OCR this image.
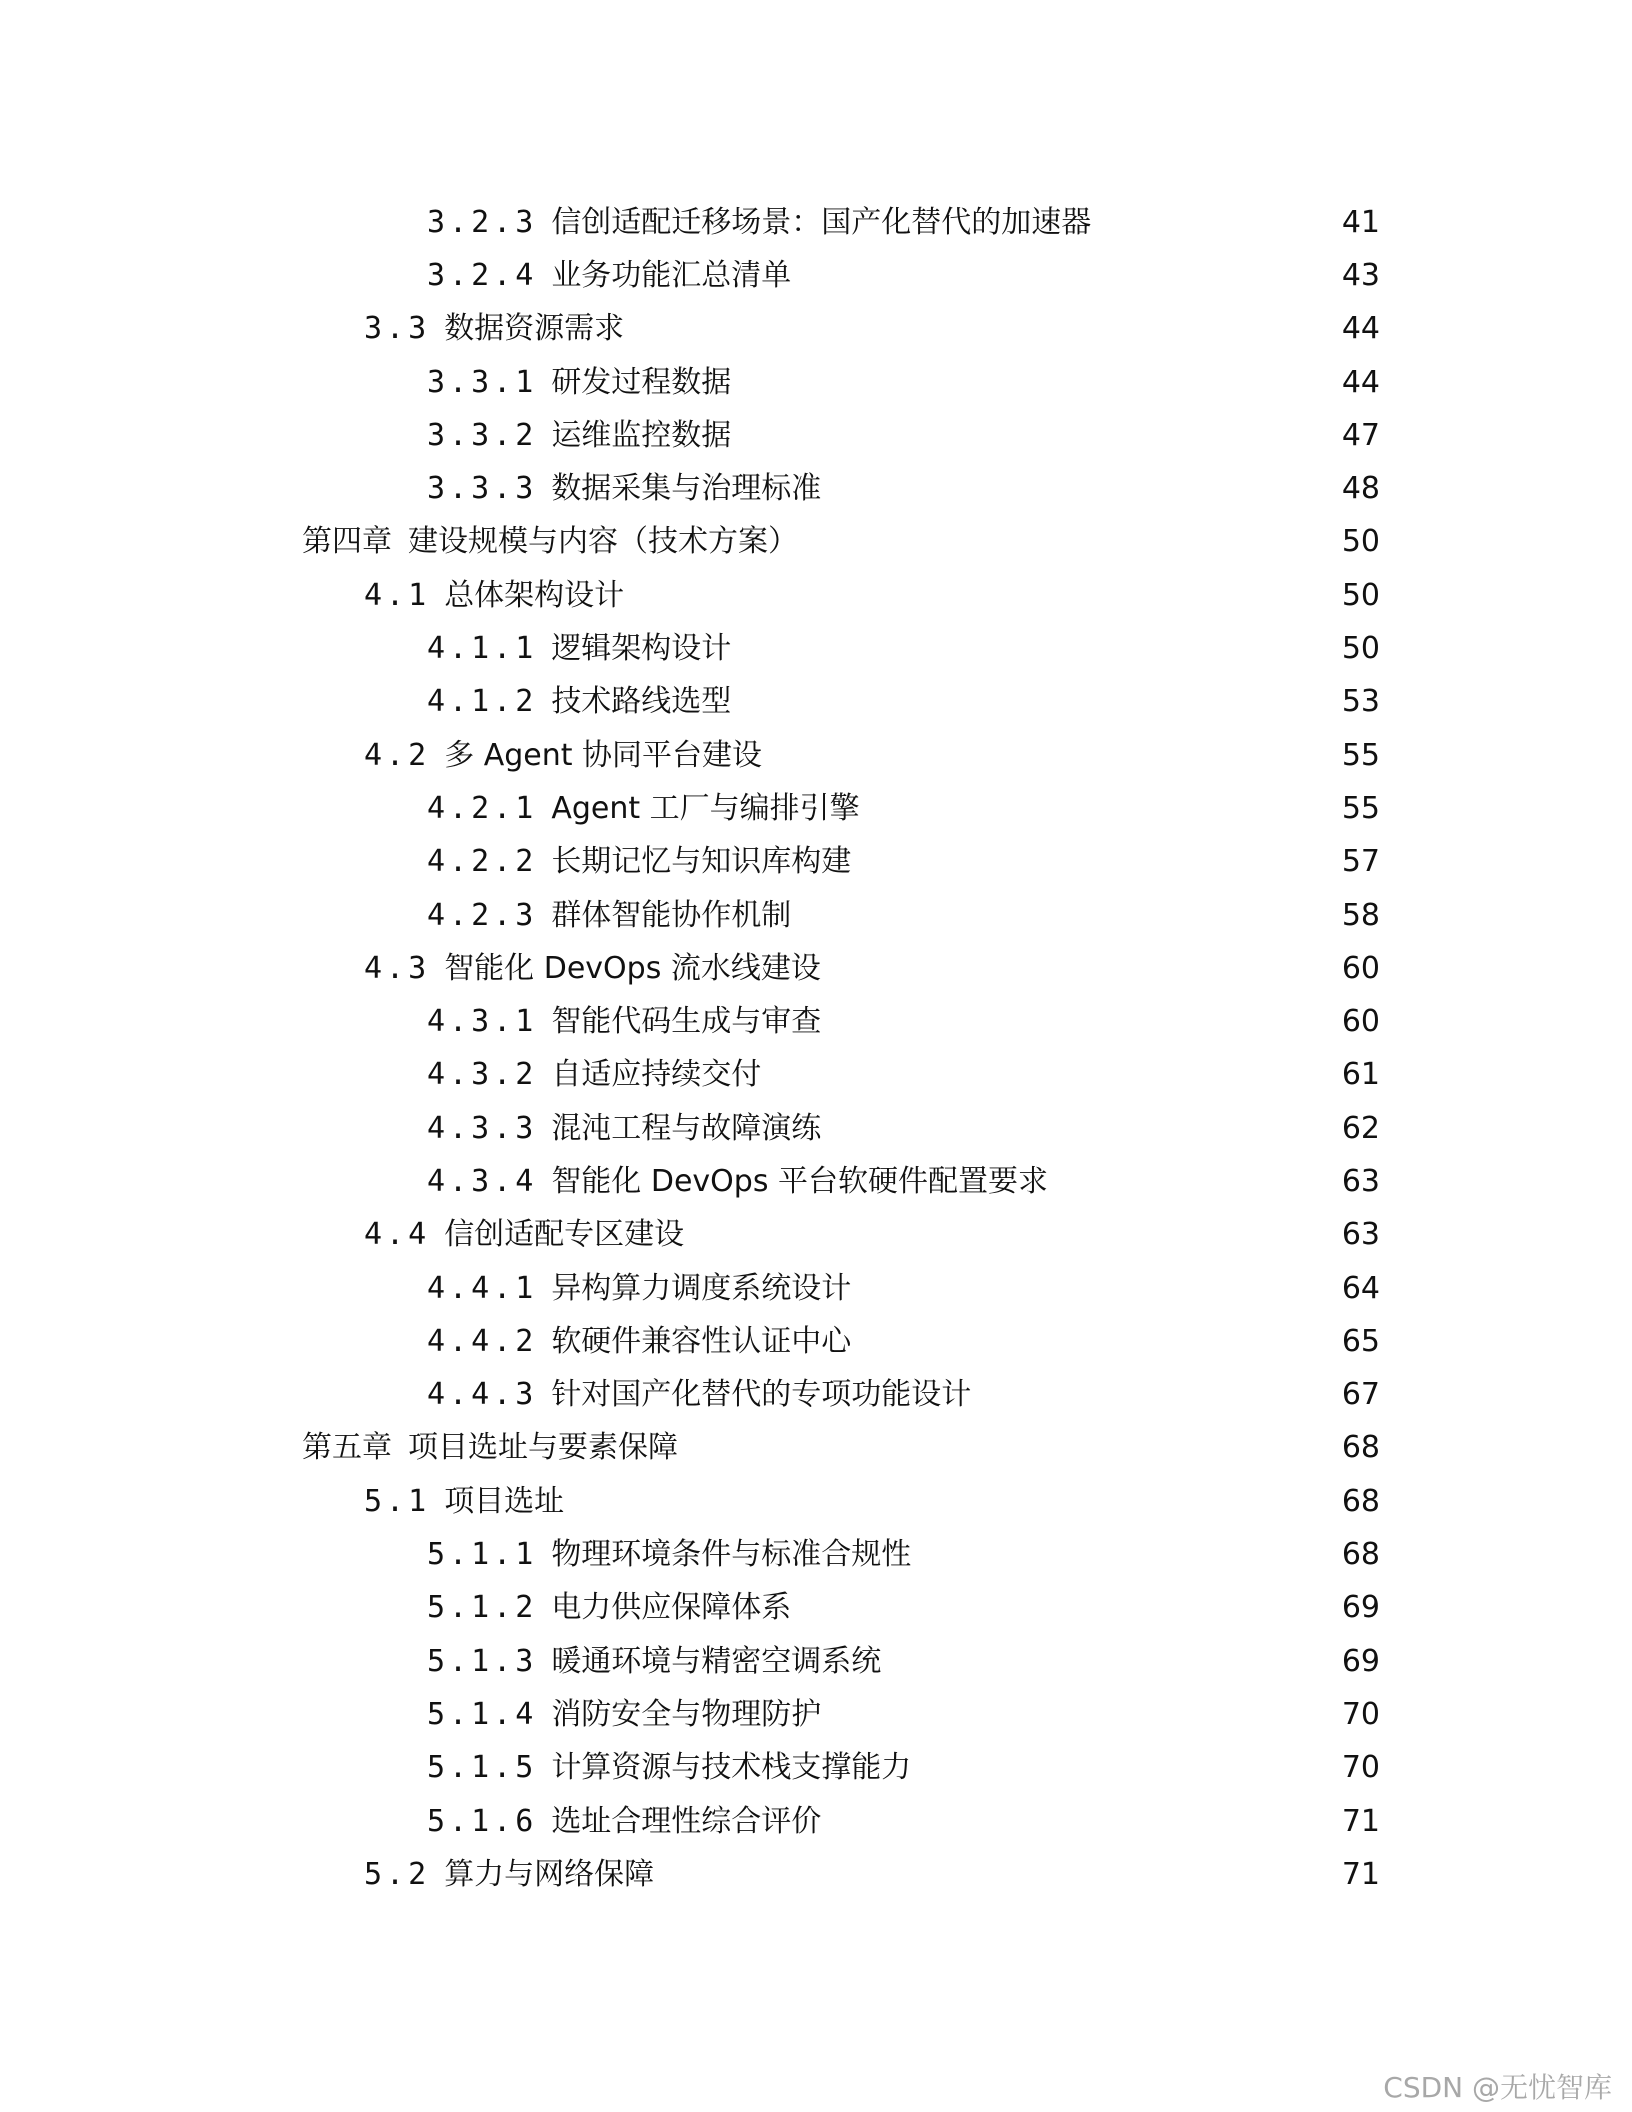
3.2.3 信创适配迁移场景：国产化替代的加速器	41
3.2.4 业务功能汇总清单	43
3.3 数据资源需求	44
3.3.1 研发过程数据	44
3.3.2 运维监控数据	47
3.3.3 数据采集与治理标准	48
第四章 建设规模与内容（技术方案）	50
4.1 总体架构设计	50
4.1.1 逻辑架构设计	50
4.1.2 技术路线选型	53
4.2 多 Agent 协同平台建设	55
4.2.1 Agent 工厂与编排引擎	55
4.2.2 长期记忆与知识库构建	57
4.2.3 群体智能协作机制	58
4.3 智能化 DevOps 流水线建设	60
4.3.1 智能代码生成与审查	60
4.3.2 自适应持续交付	61
4.3.3 混沌工程与故障演练	62
4.3.4 智能化 DevOps 平台软硬件配置要求	63
4.4 信创适配专区建设	63
4.4.1 异构算力调度系统设计	64
4.4.2 软硬件兼容性认证中心	65
4.4.3 针对国产化替代的专项功能设计	67
第五章 项目选址与要素保障	68
5.1 项目选址	68
5.1.1 物理环境条件与标准合规性	68
5.1.2 电力供应保障体系	69
5.1.3 暖通环境与精密空调系统	69
5.1.4 消防安全与物理防护	70
5.1.5 计算资源与技术栈支撑能力	70
5.1.6 选址合理性综合评价	71
5.2 算力与网络保障	71
CSDN @无忧智库
